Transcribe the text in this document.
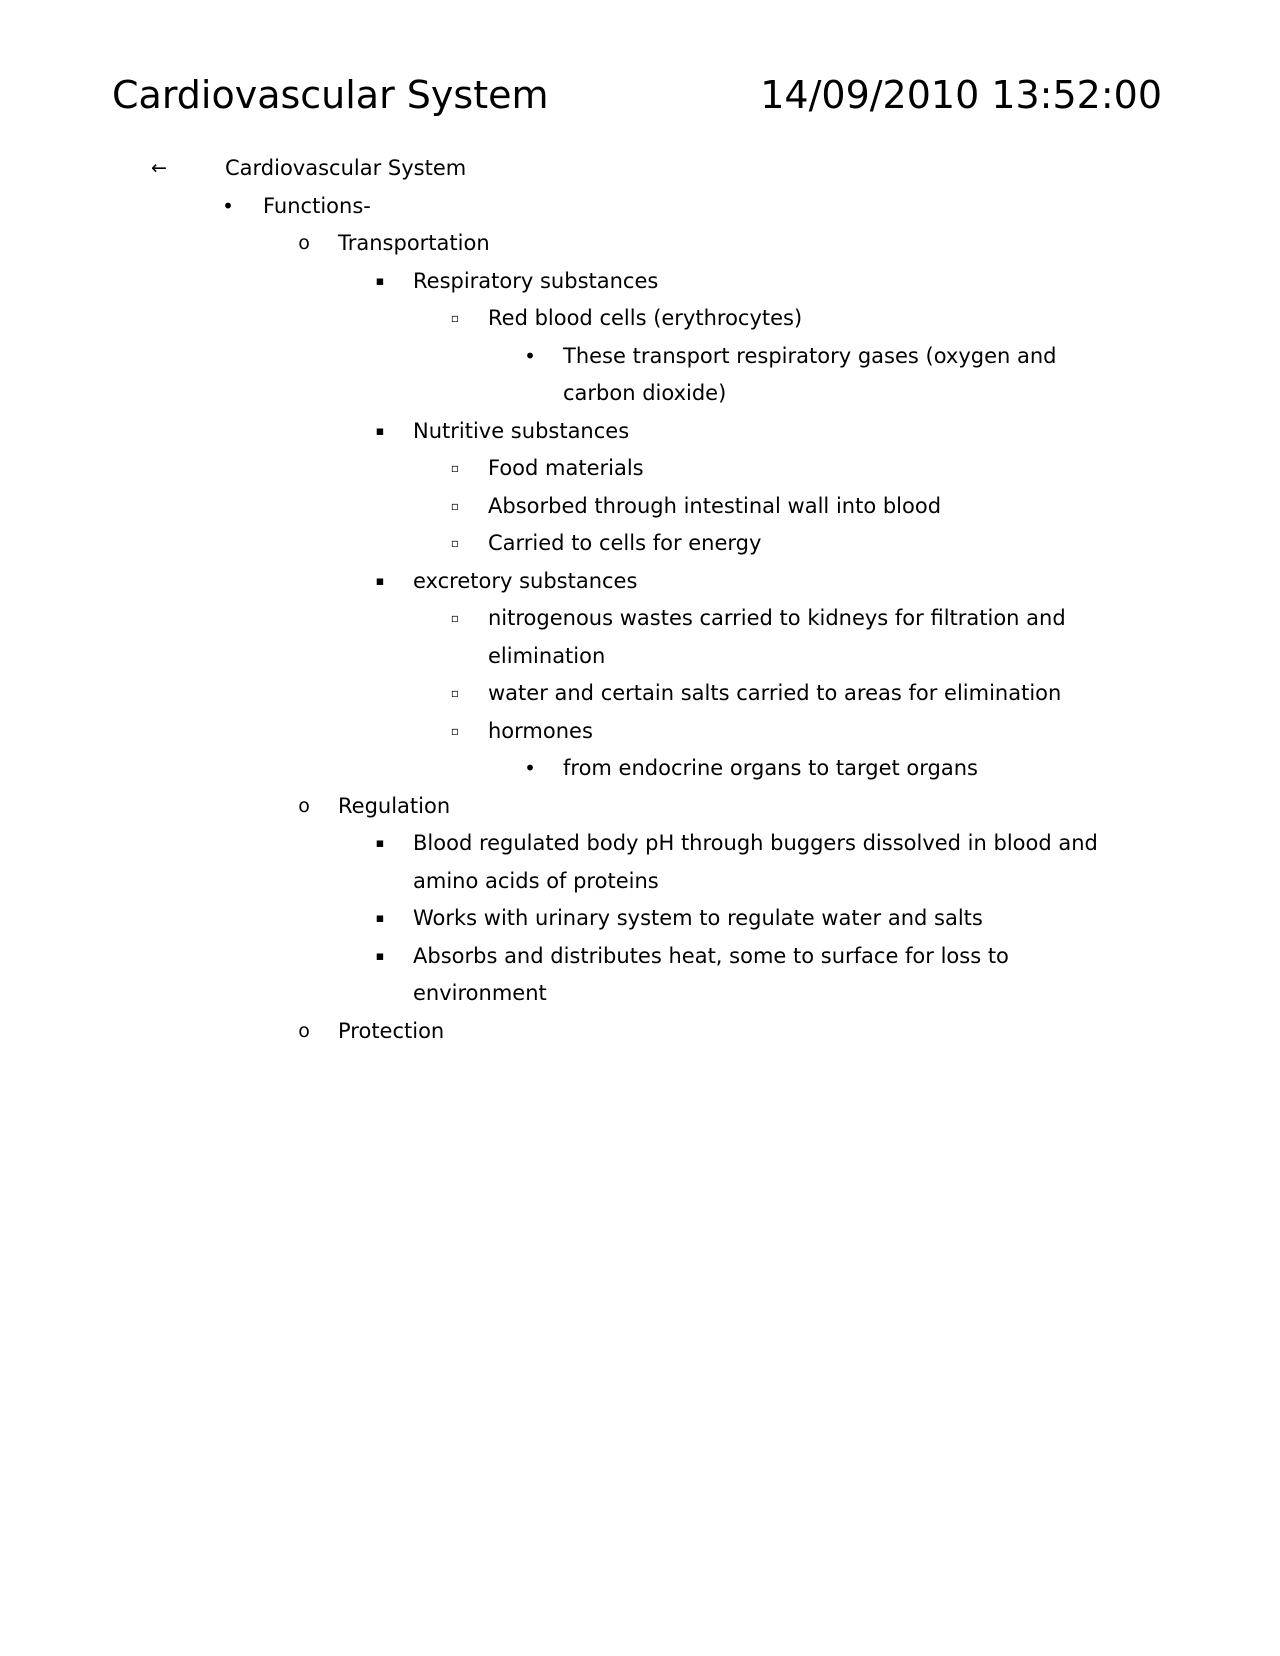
Cardiovascular System	14/09/2010 13:52:00
←	Cardiovascular System
• Functions-
o Transportation
▪	Respiratory substances
▫	Red blood cells (erythrocytes)
• These transport respiratory gases (oxygen and carbon dioxide)
▪	Nutritive substances
▫	Food materials
▫	Absorbed through intestinal wall into blood
▫	Carried to cells for energy
▪	excretory substances
▫	nitrogenous wastes carried to kidneys for filtration and elimination
▫	water and certain salts carried to areas for elimination
▫	hormones
• from endocrine organs to target organs
o Regulation
▪	Blood regulated body pH through buggers dissolved in blood and amino acids of proteins
▪	Works with urinary system to regulate water and salts
▪	Absorbs and distributes heat, some to surface for loss to environment
o Protection
